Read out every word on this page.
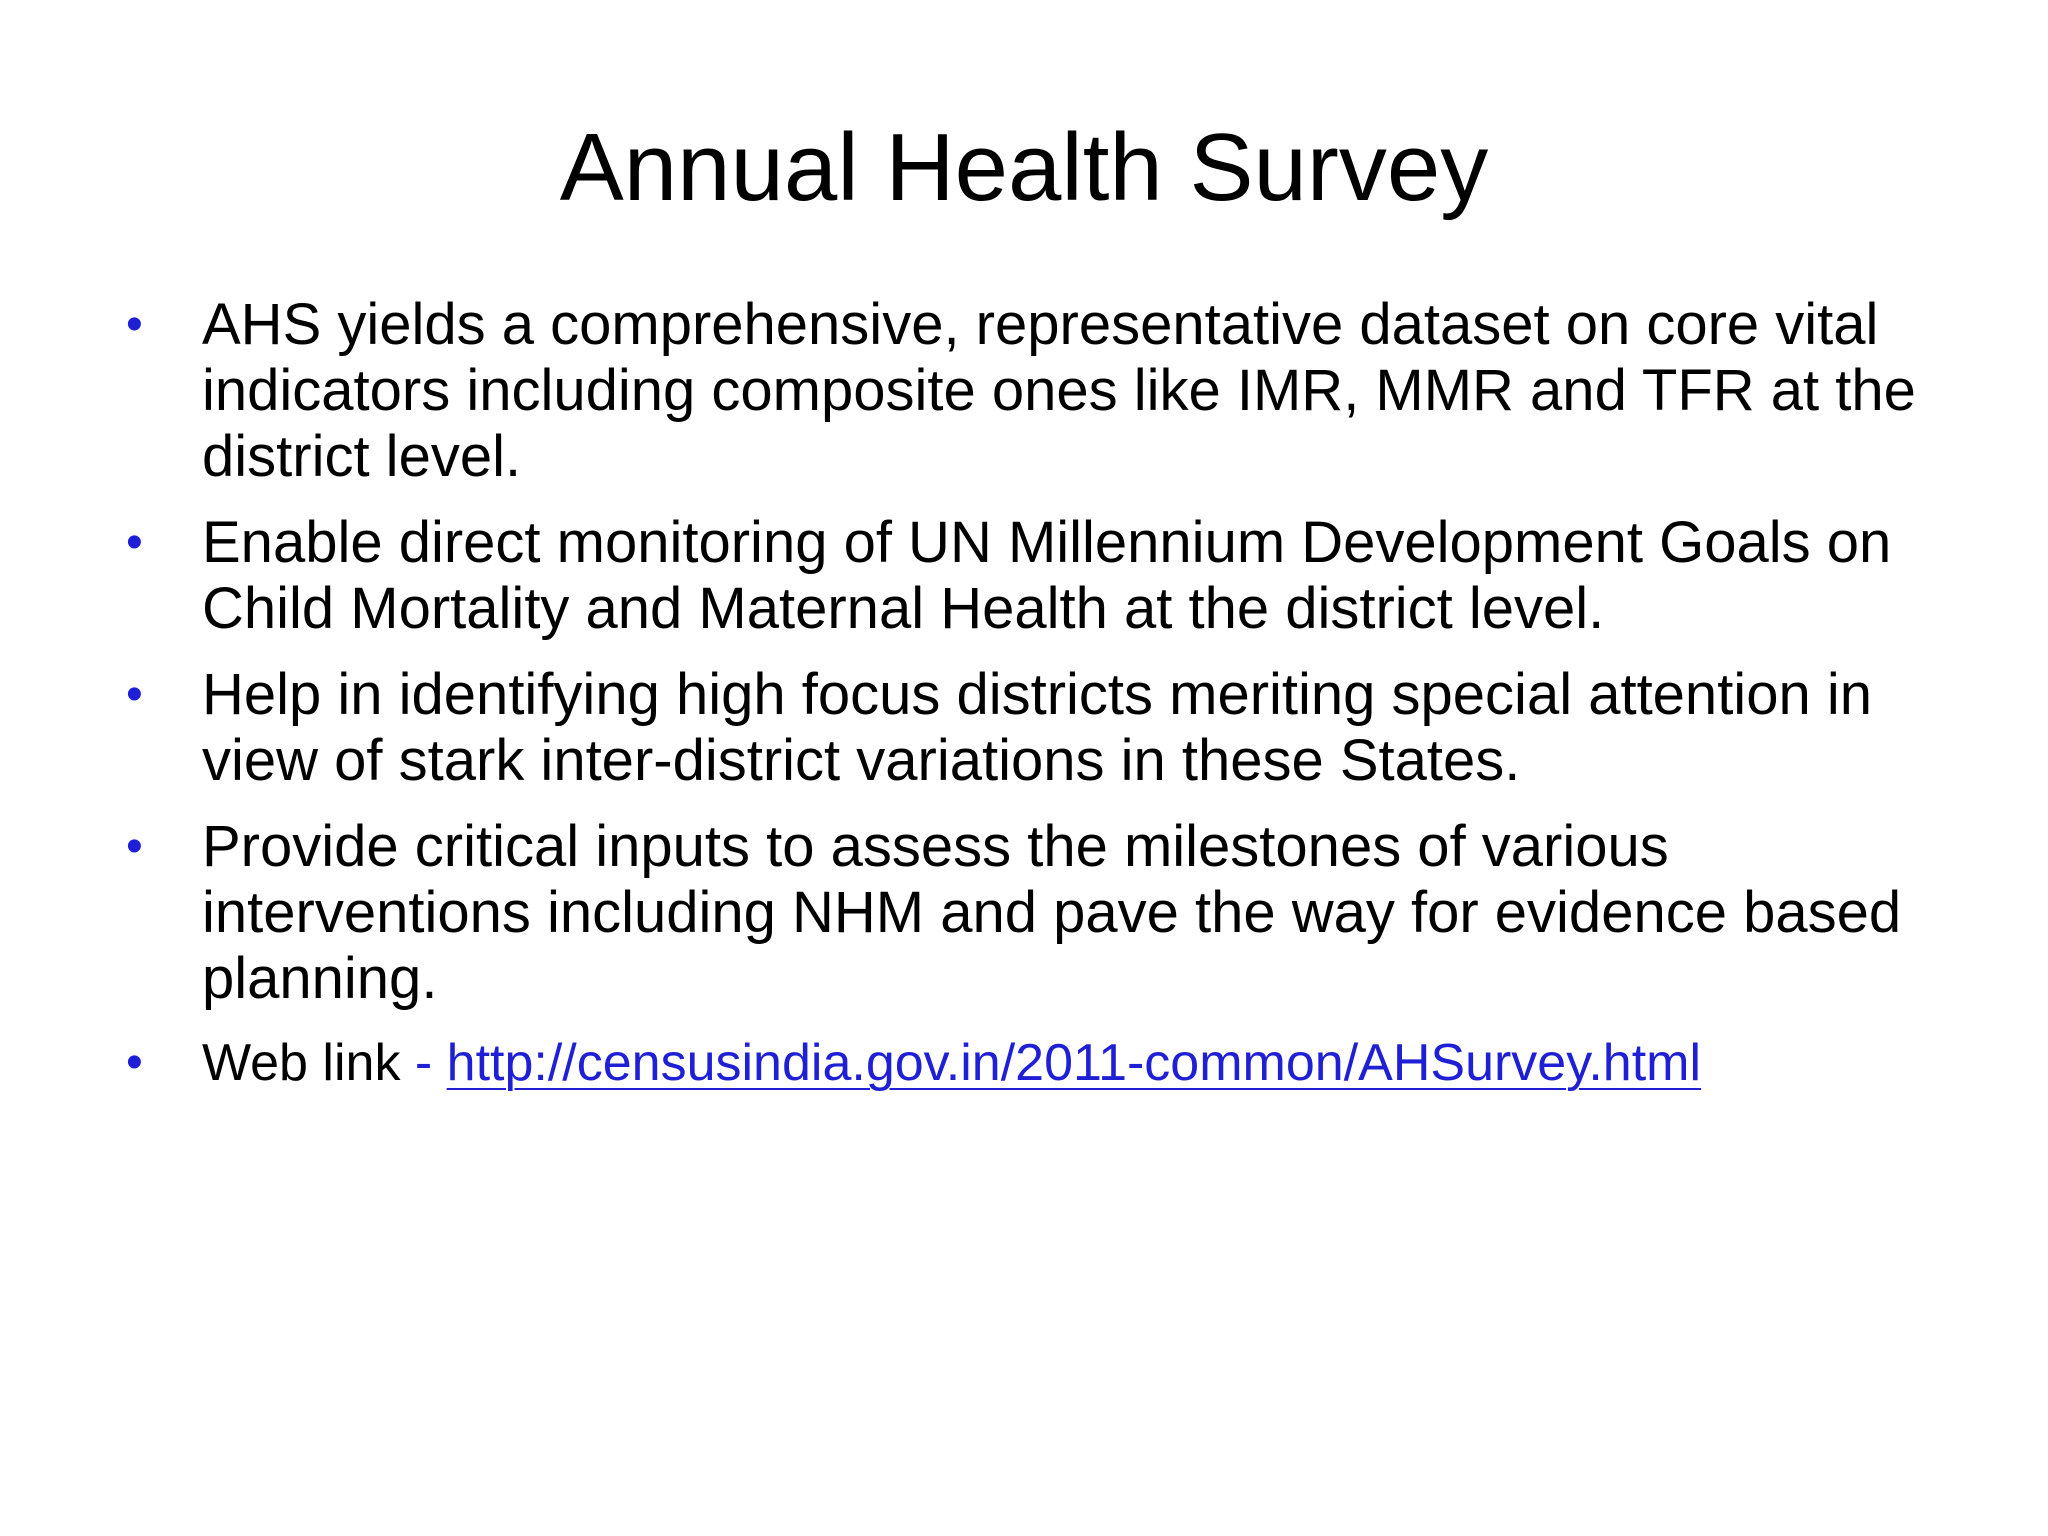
Annual Health Survey
• AHS yields a comprehensive, representative dataset on core vital indicators including composite ones like IMR, MMR and TFR at the district level.
• Enable direct monitoring of UN Millennium Development Goals on Child Mortality and Maternal Health at the district level.
• Help in identifying high focus districts meriting special attention in view of stark inter-district variations in these States.
• Provide critical inputs to assess the milestones of various interventions including NHM and pave the way for evidence based planning.
• Web link - http://censusindia.gov.in/2011-common/AHSurvey.html
